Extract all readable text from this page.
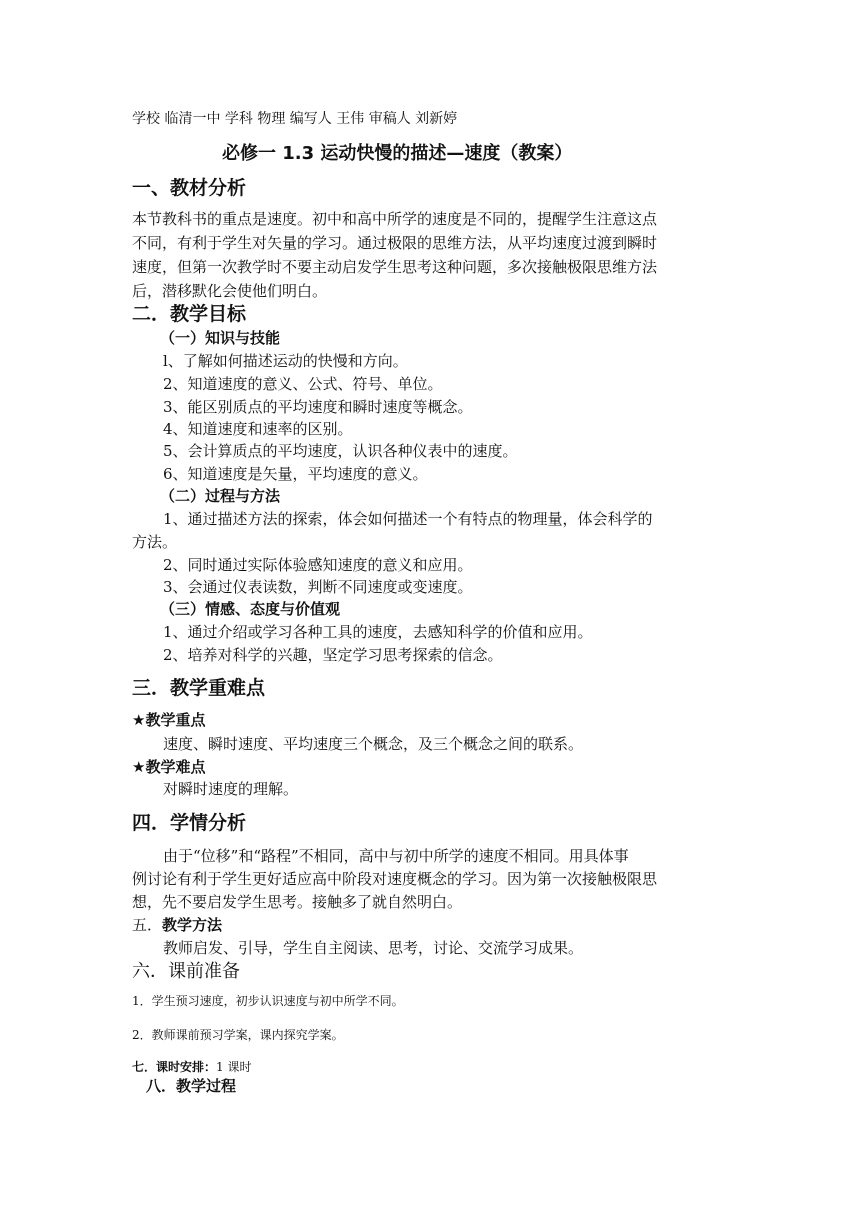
学校 临清一中 学科 物理 编写人 王伟 审稿人 刘新婷
必修一 1.3 运动快慢的描述—速度（教案）
一、教材分析
本节教科书的重点是速度。初中和高中所学的速度是不同的，提醒学生注意这点
不同，有利于学生对矢量的学习。通过极限的思维方法，从平均速度过渡到瞬时
速度，但第一次教学时不要主动启发学生思考这种问题，多次接触极限思维方法
后，潜移默化会使他们明白。
二．教学目标
（一）知识与技能
l、了解如何描述运动的快慢和方向。
2、知道速度的意义、公式、符号、单位。
3、能区别质点的平均速度和瞬时速度等概念。
4、知道速度和速率的区别。
5、会计算质点的平均速度，认识各种仪表中的速度。
6、知道速度是矢量，平均速度的意义。
（二）过程与方法
1、通过描述方法的探索，体会如何描述一个有特点的物理量，体会科学的
方法。
2、同时通过实际体验感知速度的意义和应用。
3、会通过仪表读数，判断不同速度或变速度。
（三）情感、态度与价值观
1、通过介绍或学习各种工具的速度，去感知科学的价值和应用。
2、培养对科学的兴趣，坚定学习思考探索的信念。
三．教学重难点
★教学重点
速度、瞬时速度、平均速度三个概念，及三个概念之间的联系。
★教学难点
对瞬时速度的理解。
四．学情分析
由于“位移”和“路程”不相同，高中与初中所学的速度不相同。用具体事
例讨论有利于学生更好适应高中阶段对速度概念的学习。因为第一次接触极限思
想，先不要启发学生思考。接触多了就自然明白。
五．教学方法
教师启发、引导，学生自主阅读、思考，讨论、交流学习成果。
六．课前准备
1．学生预习速度，初步认识速度与初中所学不同。
2．教师课前预习学案，课内探究学案。
七．课时安排：1 课时
八．教学过程
